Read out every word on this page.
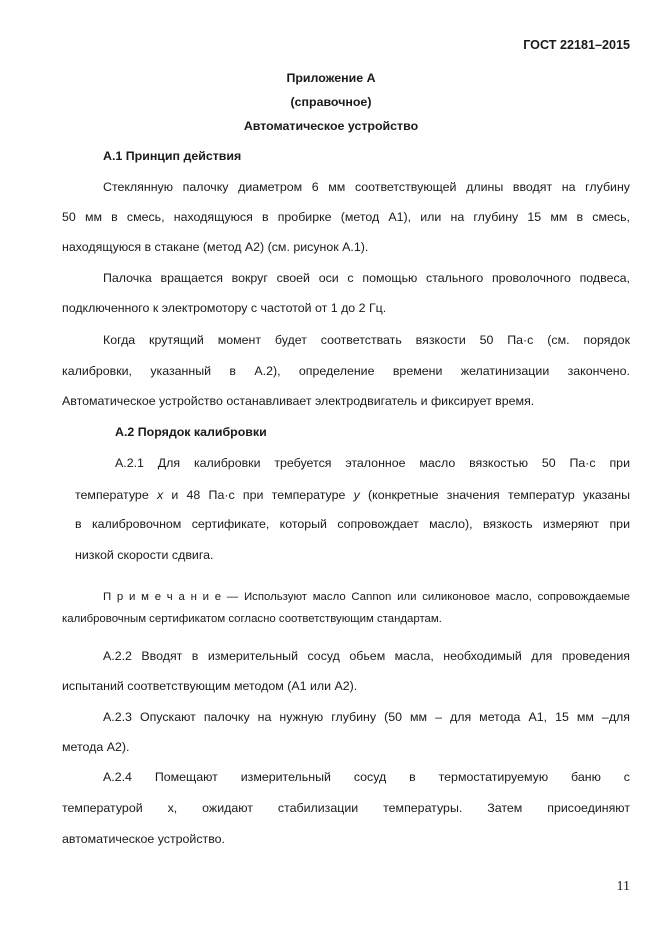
ГОСТ 22181–2015
Приложение А
(справочное)
Автоматическое устройство
А.1 Принцип действия
Стеклянную палочку диаметром 6 мм соответствующей длины вводят на глубину
50 мм в смесь, находящуюся в пробирке (метод А1), или на глубину 15 мм в смесь,
находящуюся в стакане (метод А2) (см. рисунок А.1).
Палочка вращается вокруг своей оси с помощью стального проволочного подвеса,
подключенного к электромотору с частотой от 1 до 2 Гц.
Когда крутящий момент будет соответствать вязкости 50 Па·с (см. порядок
калибровки, указанный в А.2), определение времени желатинизации закончено.
Автоматическое устройство останавливает электродвигатель и фиксирует время.
А.2 Порядок калибровки
А.2.1 Для калибровки требуется эталонное масло вязкостью 50 Па·с при
температуре x и 48 Па·с при температуре y (конкретные значения температур указаны
в калибровочном сертификате, который сопровождает масло), вязкость измеряют при
низкой скорости сдвига.
П р и м е ч а н и е — Используют масло Cannon или силиконовое масло, сопровождаемые
калибровочным сертификатом согласно соответствующим стандартам.
А.2.2 Вводят в измерительный сосуд обьем масла, необходимый для проведения
испытаний соответствующим методом (А1 или А2).
А.2.3 Опускают палочку на нужную глубину (50 мм – для метода А1, 15 мм –для
метода А2).
А.2.4 Помещают измерительный сосуд в термостатируемую баню с
температурой x, ожидают стабилизации температуры. Затем присоединяют
автоматическое устройство.
11
